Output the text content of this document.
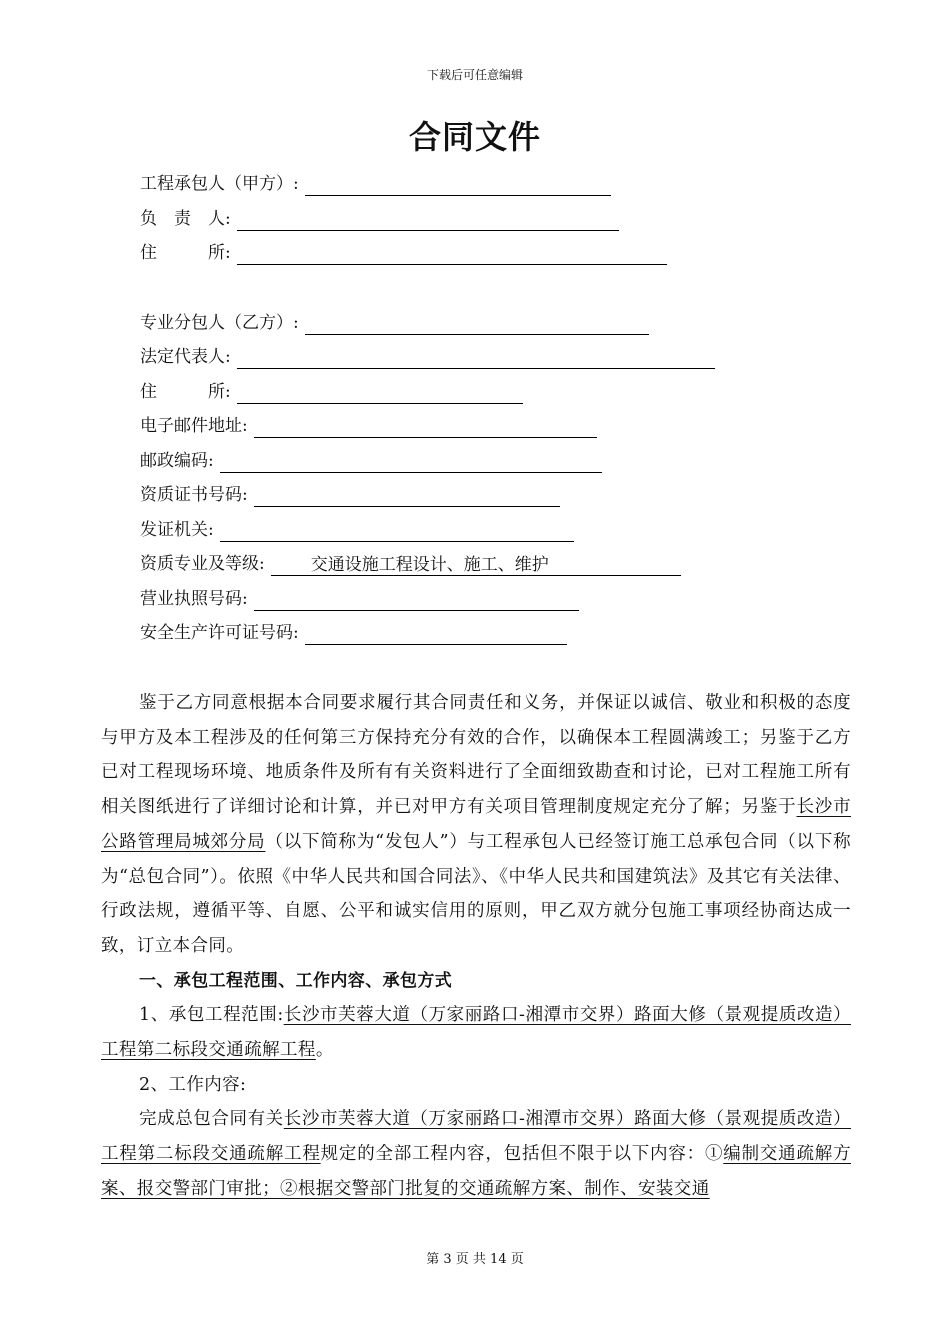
下载后可任意编辑
合同文件
工程承包人（甲方）:
负　责　人:
住　　　所:
专业分包人（乙方）:
法定代表人:
住　　　所:
电子邮件地址:
邮政编码:
资质证书号码:
发证机关:
资质专业及等级:	交通设施工程设计、施工、维护
营业执照号码:
安全生产许可证号码:
鉴于乙方同意根据本合同要求履行其合同责任和义务，并保证以诚信、敬业和积极的态度与甲方及本工程涉及的任何第三方保持充分有效的合作，以确保本工程圆满竣工；另鉴于乙方已对工程现场环境、地质条件及所有有关资料进行了全面细致勘查和讨论，已对工程施工所有相关图纸进行了详细讨论和计算，并已对甲方有关项目管理制度规定充分了解；另鉴于长沙市公路管理局城郊分局（以下简称为“发包人”）与工程承包人已经签订施工总承包合同（以下称为“总包合同”）。依照《中华人民共和国合同法》、《中华人民共和国建筑法》及其它有关法律、行政法规，遵循平等、自愿、公平和诚实信用的原则，甲乙双方就分包施工事项经协商达成一致，订立本合同。
一、承包工程范围、工作内容、承包方式
1、承包工程范围:长沙市芙蓉大道（万家丽路口-湘潭市交界）路面大修（景观提质改造）工程第二标段交通疏解工程。
2、工作内容:
完成总包合同有关长沙市芙蓉大道（万家丽路口-湘潭市交界）路面大修（景观提质改造）工程第二标段交通疏解工程规定的全部工程内容，包括但不限于以下内容：①编制交通疏解方案、报交警部门审批；②根据交警部门批复的交通疏解方案、制作、安装交通
第 3 页 共 14 页
